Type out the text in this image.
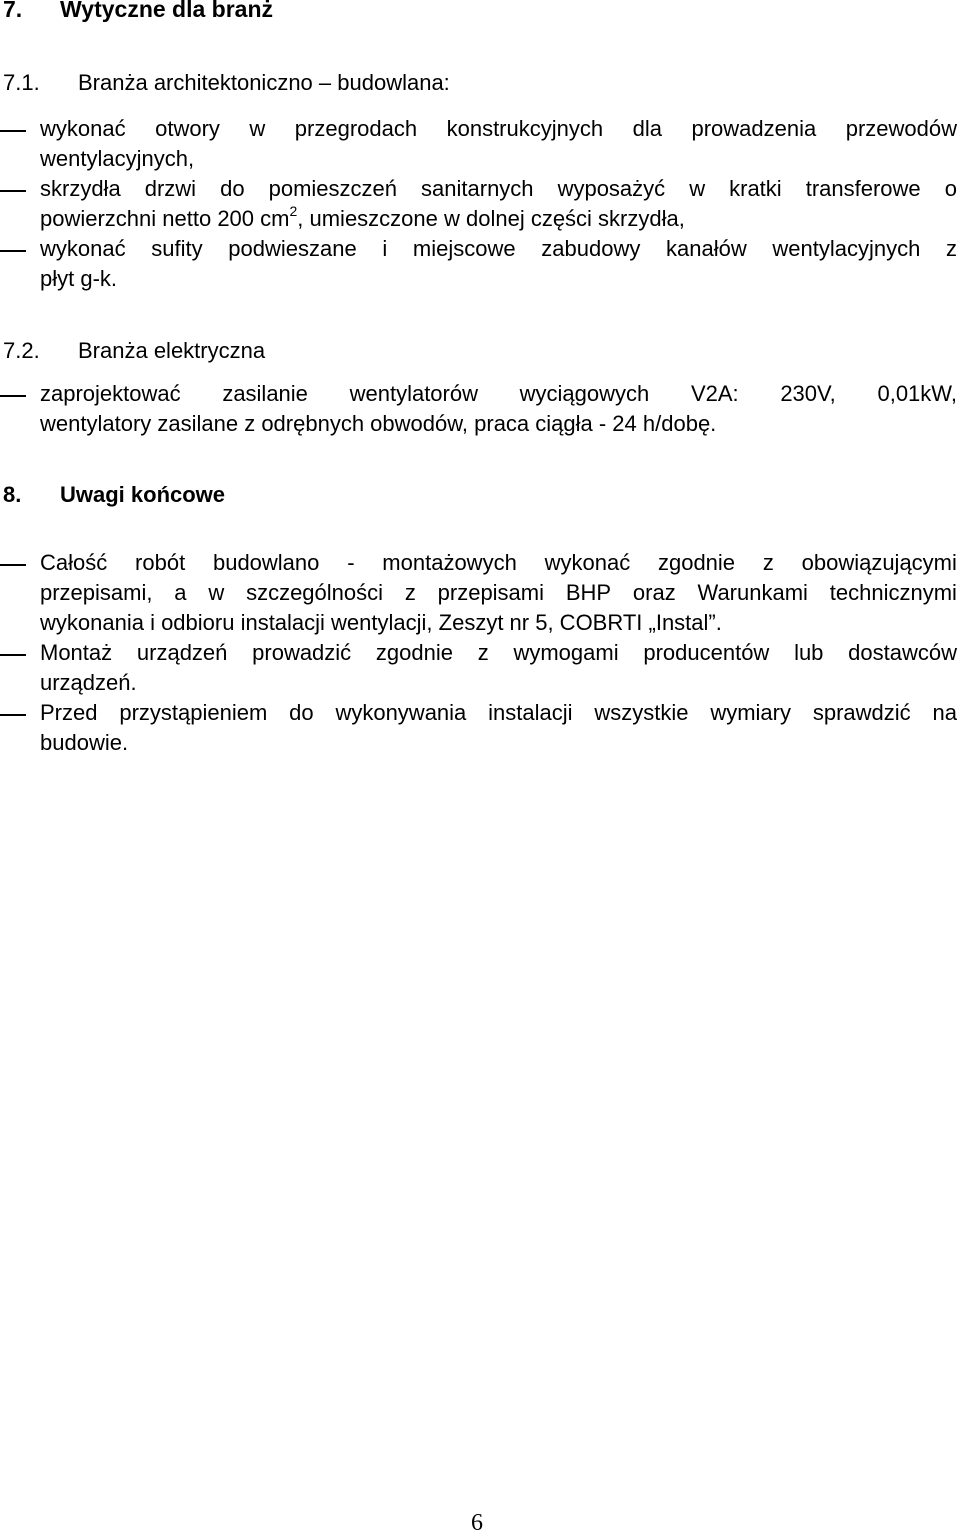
7. Wytyczne dla branż
7.1. Branża architektoniczno – budowlana:
wykonać otwory w przegrodach konstrukcyjnych dla prowadzenia przewodów
wentylacyjnych,
skrzydła drzwi do pomieszczeń sanitarnych wyposażyć w kratki transferowe o
powierzchni netto 200 $cm^2$, umieszczone w dolnej części skrzydła,
wykonać sufity podwieszane i miejscowe zabudowy kanałów wentylacyjnych z
płyt g-k.
7.2. Branża elektryczna
zaprojektować zasilanie wentylatorów wyciągowych V2A: 230V, 0,01kW,
wentylatory zasilane z odrębnych obwodów, praca ciągła - 24 h/dobę.
8. Uwagi końcowe
Całość robót budowlano - montażowych wykonać zgodnie z obowiązującymi
przepisami, a w szczególności z przepisami BHP oraz Warunkami technicznymi
wykonania i odbioru instalacji wentylacji, Zeszyt nr 5, COBRTI „Instal”.
Montaż urządzeń prowadzić zgodnie z wymogami producentów lub dostawców
urządzeń.
Przed przystąpieniem do wykonywania instalacji wszystkie wymiary sprawdzić na
budowie.
6
